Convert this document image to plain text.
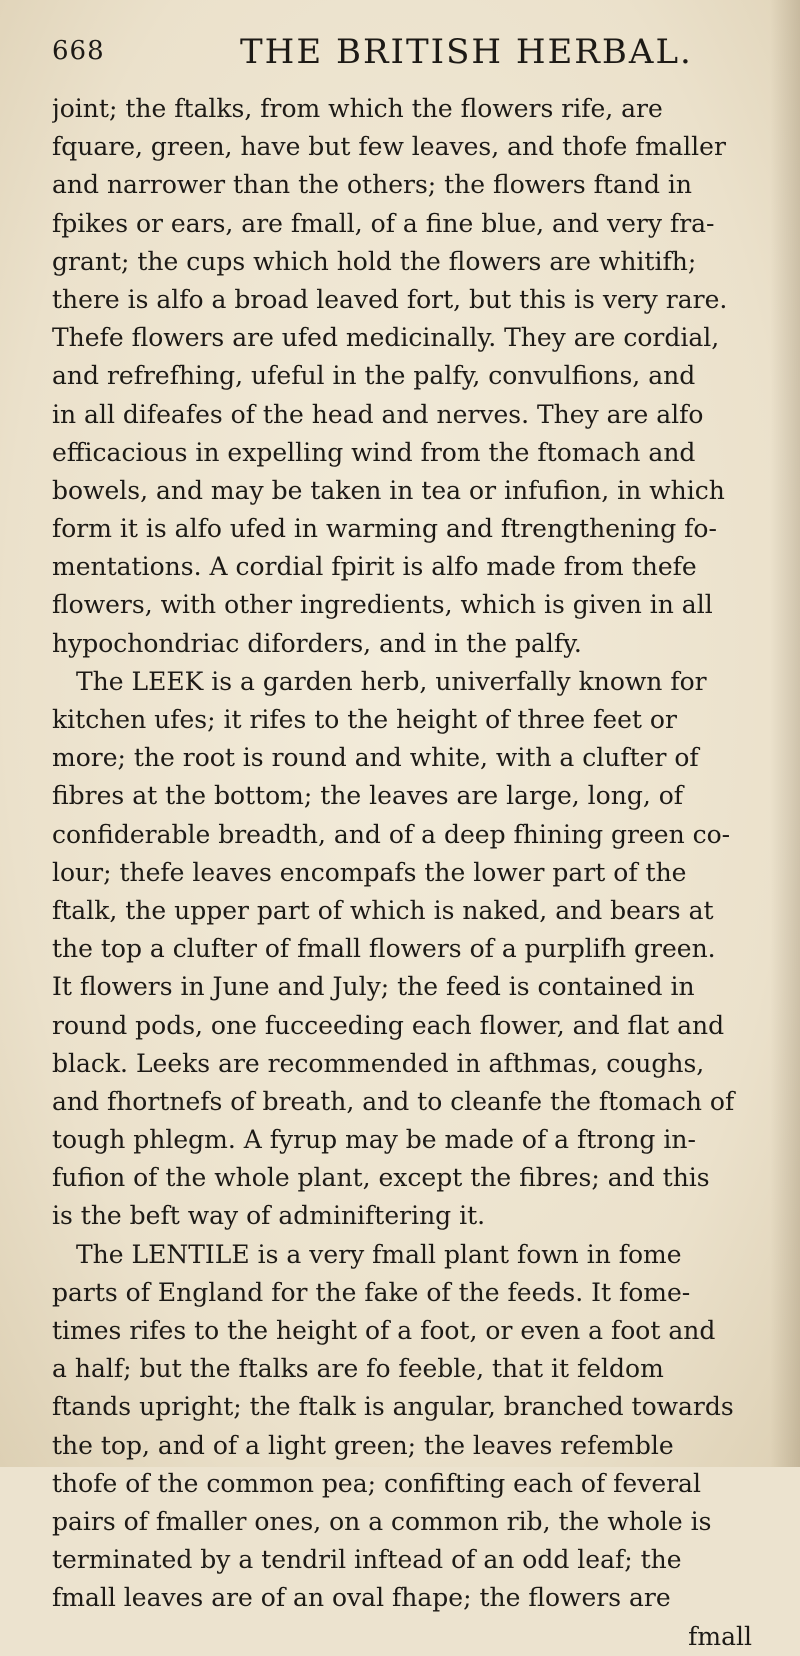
668	THE BRITISH HERBAL.
joint; the ftalks, from which the flowers rife, are
fquare, green, have but few leaves, and thofe fmaller
and narrower than the others; the flowers ftand in
fpikes or ears, are fmall, of a fine blue, and very fra-
grant; the cups which hold the flowers are whitifh;
there is alfo a broad leaved fort, but this is very rare.
Thefe flowers are ufed medicinally. They are cordial,
and refrefhing, ufeful in the palfy, convulfions, and
in all difeafes of the head and nerves. They are alfo
efficacious in expelling wind from the ftomach and
bowels, and may be taken in tea or infufion, in which
form it is alfo ufed in warming and ftrengthening fo-
mentations. A cordial fpirit is alfo made from thefe
flowers, with other ingredients, which is given in all
hypochondriac diforders, and in the palfy.
The LEEK is a garden herb, univerfally known for
kitchen ufes; it rifes to the height of three feet or
more; the root is round and white, with a clufter of
fibres at the bottom; the leaves are large, long, of
confiderable breadth, and of a deep fhining green co-
lour; thefe leaves encompafs the lower part of the
ftalk, the upper part of which is naked, and bears at
the top a clufter of fmall flowers of a purplifh green.
It flowers in June and July; the feed is contained in
round pods, one fucceeding each flower, and flat and
black. Leeks are recommended in afthmas, coughs,
and fhortnefs of breath, and to cleanfe the ftomach of
tough phlegm. A fyrup may be made of a ftrong in-
fufion of the whole plant, except the fibres; and this
is the beft way of adminiftering it.
The LENTILE is a very fmall plant fown in fome
parts of England for the fake of the feeds. It fome-
times rifes to the height of a foot, or even a foot and
a half; but the ftalks are fo feeble, that it feldom
ftands upright; the ftalk is angular, branched towards
the top, and of a light green; the leaves refemble
thofe of the common pea; confifting each of feveral
pairs of fmaller ones, on a common rib, the whole is
terminated by a tendril inftead of an odd leaf; the
fmall leaves are of an oval fhape; the flowers are
fmall
